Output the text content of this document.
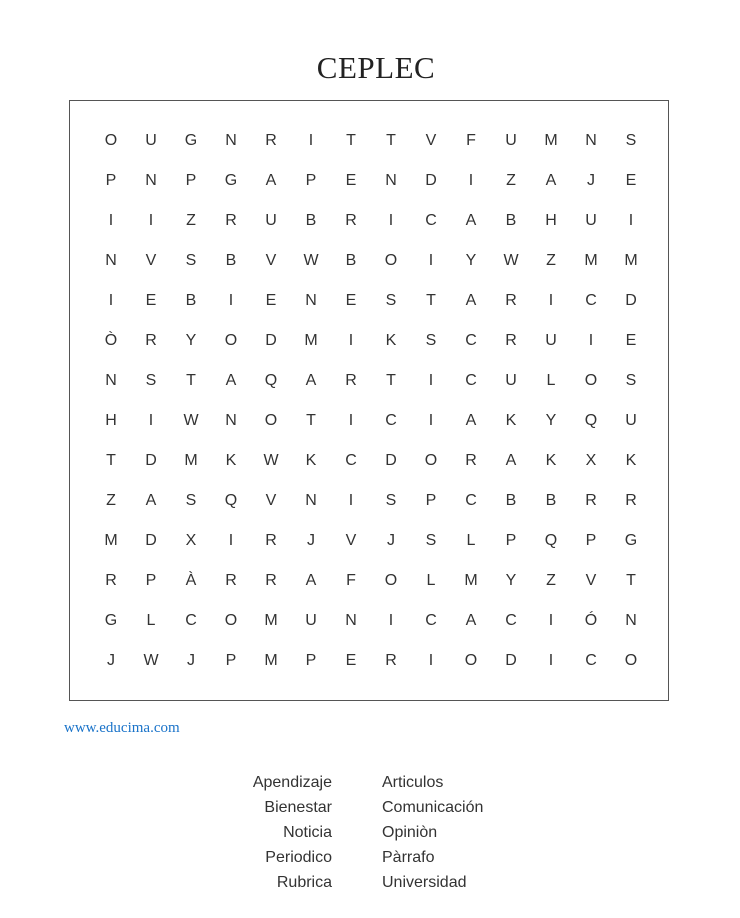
CEPLEC
O	U	G	N	R	I	T	T	V	F	U	M	N	S
P	N	P	G	A	P	E	N	D	I	Z	A	J	E
I	I	Z	R	U	B	R	I	C	A	B	H	U	I
N	V	S	B	V	W	B	O	I	Y	W	Z	M	M
I	E	B	I	E	N	E	S	T	A	R	I	C	D
Ò	R	Y	O	D	M	I	K	S	C	R	U	I	E
N	S	T	A	Q	A	R	T	I	C	U	L	O	S
H	I	W	N	O	T	I	C	I	A	K	Y	Q	U
T	D	M	K	W	K	C	D	O	R	A	K	X	K
Z	A	S	Q	V	N	I	S	P	C	B	B	R	R
M	D	X	I	R	J	V	J	S	L	P	Q	P	G
R	P	À	R	R	A	F	O	L	M	Y	Z	V	T
G	L	C	O	M	U	N	I	C	A	C	I	Ó	N
J	W	J	P	M	P	E	R	I	O	D	I	C	O
www.educima.com
Apendizaje	Articulos
Bienestar	Comunicación
Noticia	Opiniòn
Periodico	Pàrrafo
Rubrica	Universidad
